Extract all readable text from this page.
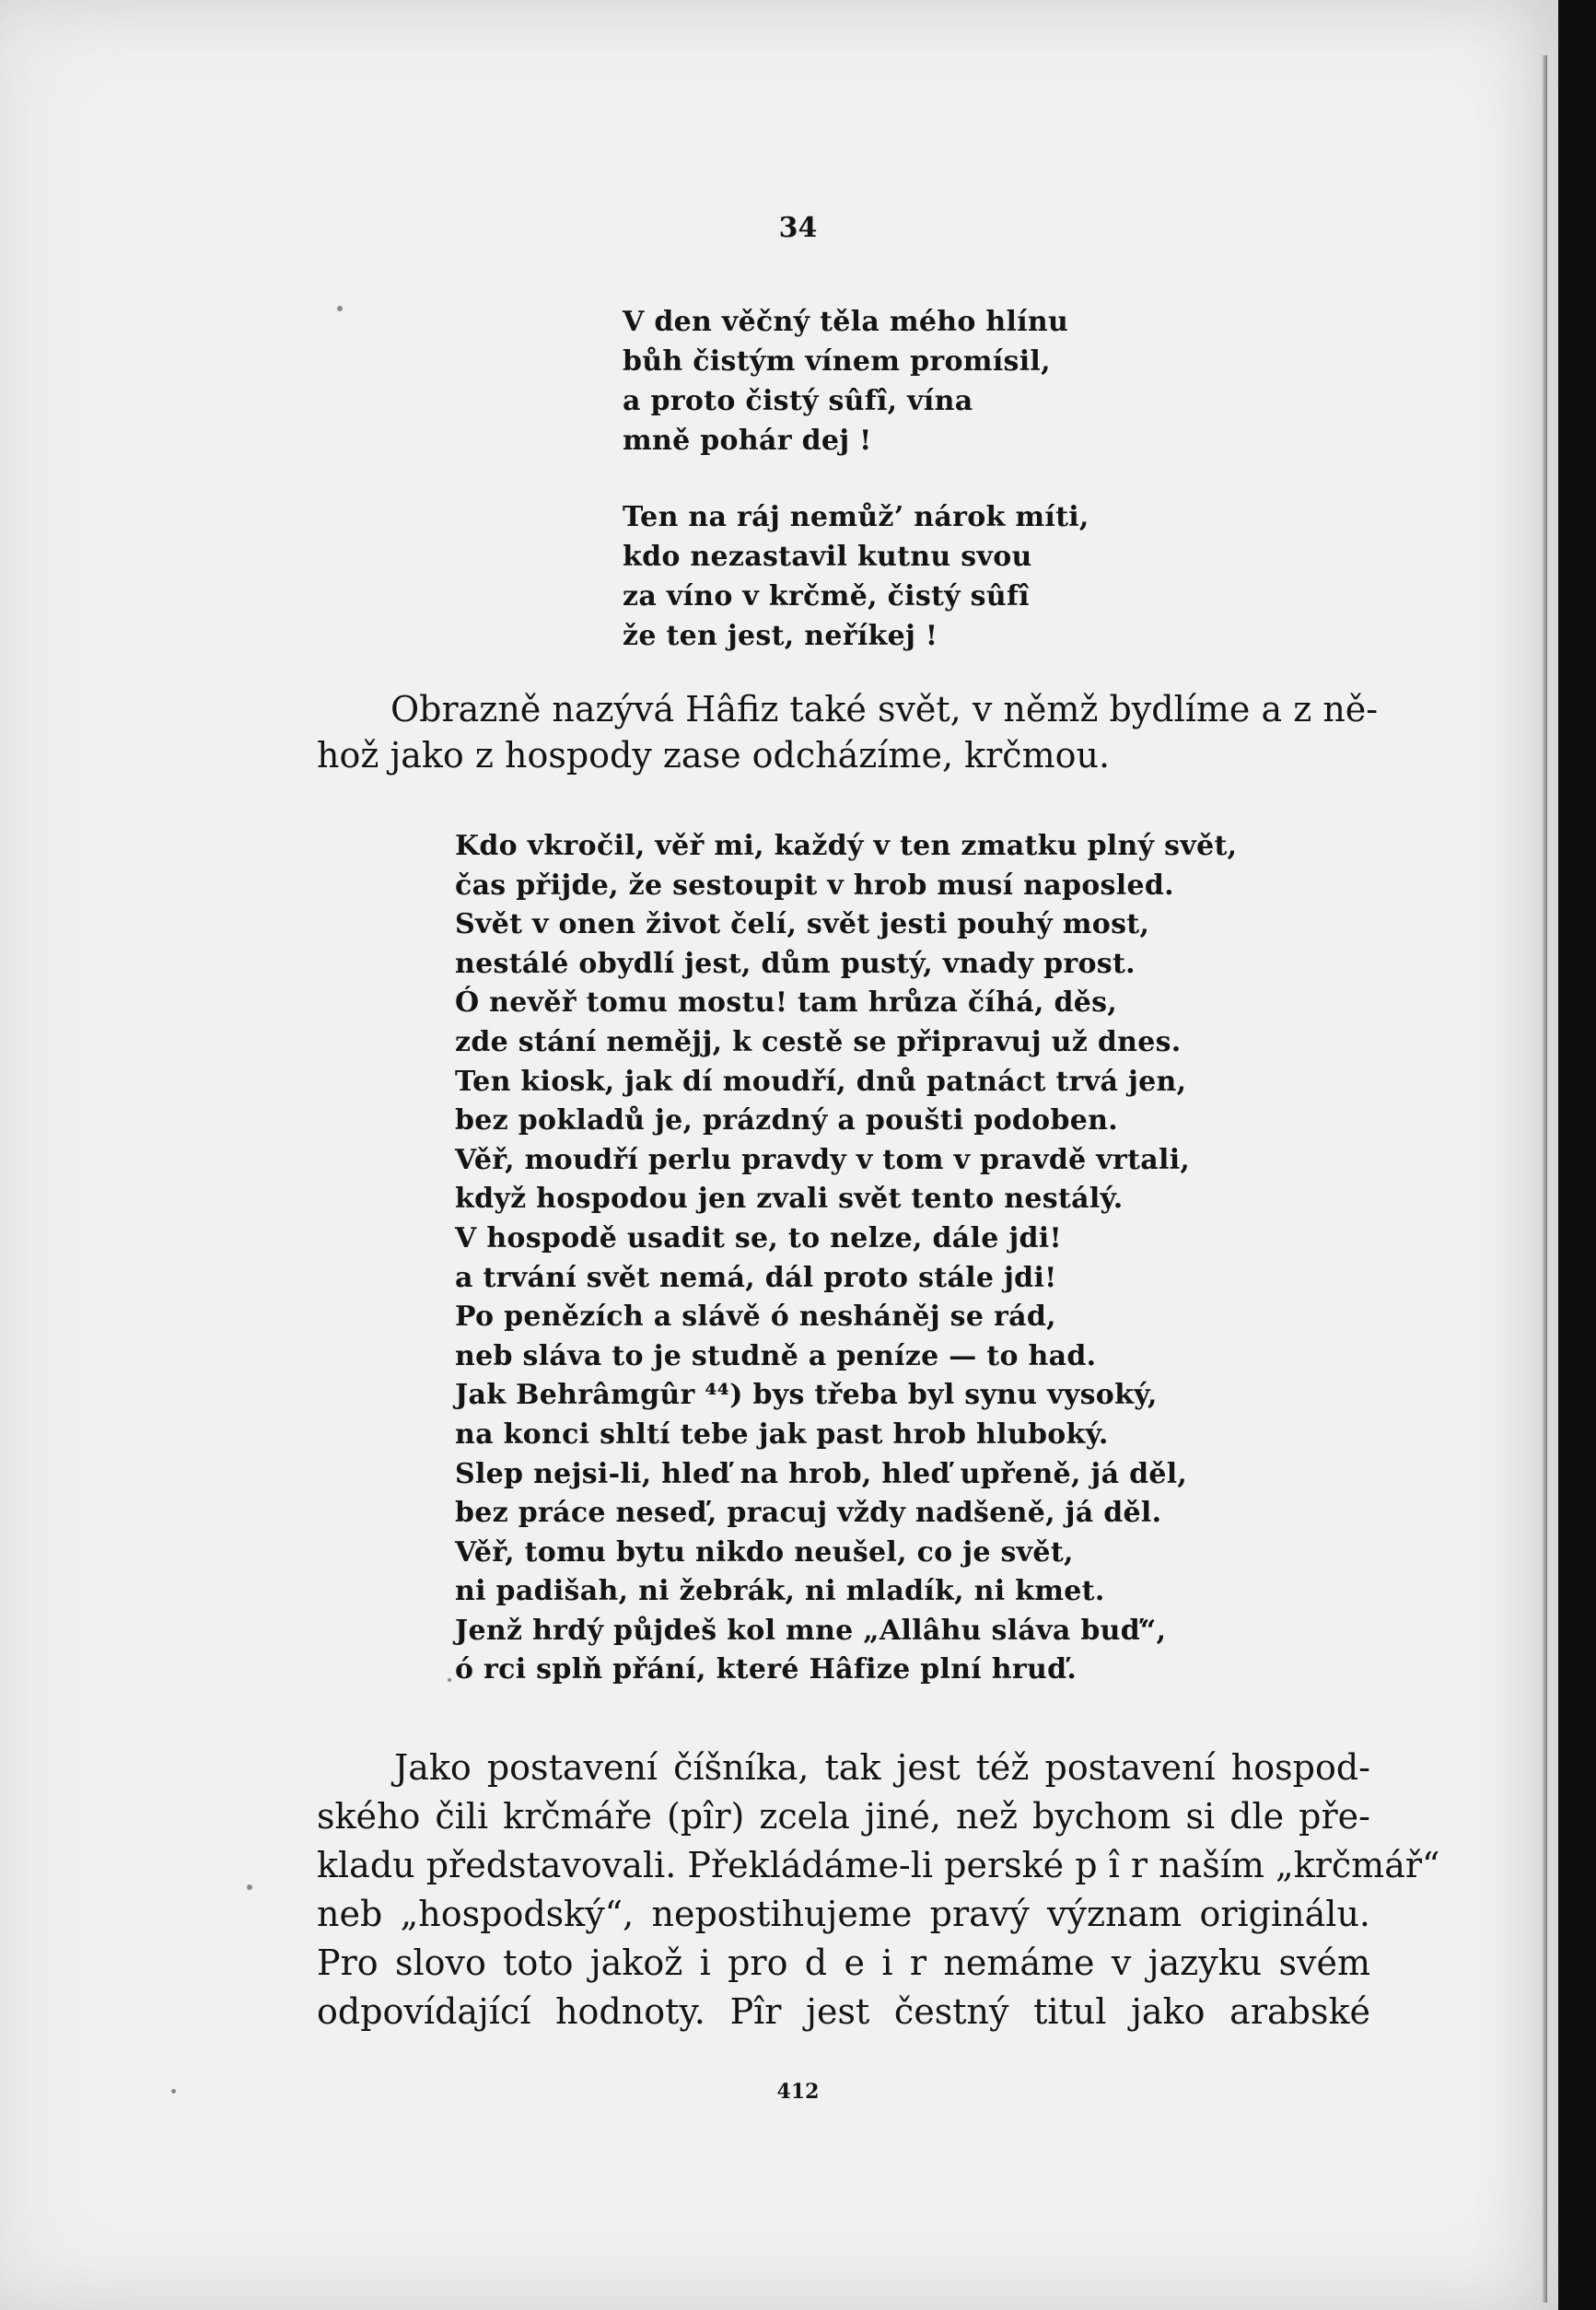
34
V den věčný těla mého hlínu
bůh čistým vínem promísil,
a proto čistý sûfî, vína
mně pohár dej !
Ten na ráj nemůž’ nárok míti,
kdo nezastavil kutnu svou
za víno v krčmě, čistý sûfî
že ten jest, neříkej !
Obrazně nazývá Hâfiz také svět, v němž bydlíme a z ně-
hož jako z hospody zase odcházíme, krčmou.
Kdo vkročil, věř mi, každý v ten zmatku plný svět,
čas přijde, že sestoupit v hrob musí naposled.
Svět v onen život čelí, svět jesti pouhý most,
nestálé obydlí jest, dům pustý, vnady prost.
Ó nevěř tomu mostu! tam hrůza číhá, děs,
zde stání nemějj, k cestě se připravuj už dnes.
Ten kiosk, jak dí moudří, dnů patnáct trvá jen,
bez pokladů je, prázdný a poušti podoben.
Věř, moudří perlu pravdy v tom v pravdě vrtali,
když hospodou jen zvali svět tento nestálý.
V hospodě usadit se, to nelze, dále jdi!
a trvání svět nemá, dál proto stále jdi!
Po penězích a slávě ó nesháněj se rád,
neb sláva to je studně a peníze — to had.
Jak Behrâmgûr ⁴⁴) bys třeba byl synu vysoký,
na konci shltí tebe jak past hrob hluboký.
Slep nejsi-li, hleď na hrob, hleď upřeně, já děl,
bez práce neseď, pracuj vždy nadšeně, já děl.
Věř, tomu bytu nikdo neušel, co je svět,
ni padišah, ni žebrák, ni mladík, ni kmet.
Jenž hrdý půjdeš kol mne „Allâhu sláva buď“,
ó rci splň přání, které Hâfize plní hruď.
Jako postavení číšníka, tak jest též postavení hospod-
ského čili krčmáře (pîr) zcela jiné, než bychom si dle pře-
kladu představovali. Překládáme-li perské p î r naším „krčmář“
neb „hospodský“, nepostihujeme pravý význam originálu.
Pro slovo toto jakož i pro d e i r nemáme v jazyku svém
odpovídající hodnoty. Pîr jest čestný titul jako arabské
412
